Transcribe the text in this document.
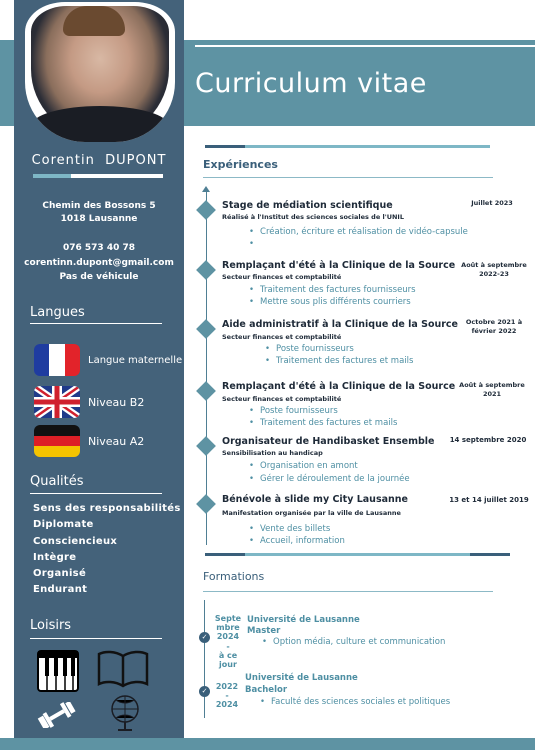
Curriculum vitae
Corentin  DUPONT
Chemin des Bossons 5
1018 Lausanne
076 573 40 78
corentinn.dupont@gmail.com
Pas de véhicule
Langues
Langue maternelle
Niveau B2
Niveau A2
Qualités
Sens des responsabilités
Diplomate
Consciencieux
Intègre
Organisé
Endurant
Loisirs
Expériences
Stage de médiation scientifique
Réalisé à l'Institut des sciences sociales de l'UNIL
Juillet 2023
• Création, écriture et réalisation de vidéo-capsule
•
Remplaçant d'été à la Clinique de la Source
Secteur finances et comptabilité
Août à septembre
2022-23
• Traitement des factures fournisseurs
• Mettre sous plis différents courriers
Aide administratif à la Clinique de la Source
Secteur finances et comptabilité
Octobre 2021 à
février 2022
• Poste fournisseurs
• Traitement des factures et mails
Remplaçant d'été à la Clinique de la Source
Secteur finances et comptabilité
Août à septembre
2021
• Poste fournisseurs
• Traitement des factures et mails
Organisateur de Handibasket Ensemble
Sensibilisation au handicap
14 septembre 2020
• Organisation en amont
• Gérer le déroulement de la journée
Bénévole à slide my City Lausanne
Manifestation organisée par la ville de Lausanne
13 et 14 juillet 2019
• Vente des billets
• Accueil, information
Formations
✓
Septe
mbre
2024
-
à ce
jour
Université de Lausanne
Master
• Option média, culture et communication
✓	2022
-
2024
Université de Lausanne
Bachelor
• Faculté des sciences sociales et politiques
